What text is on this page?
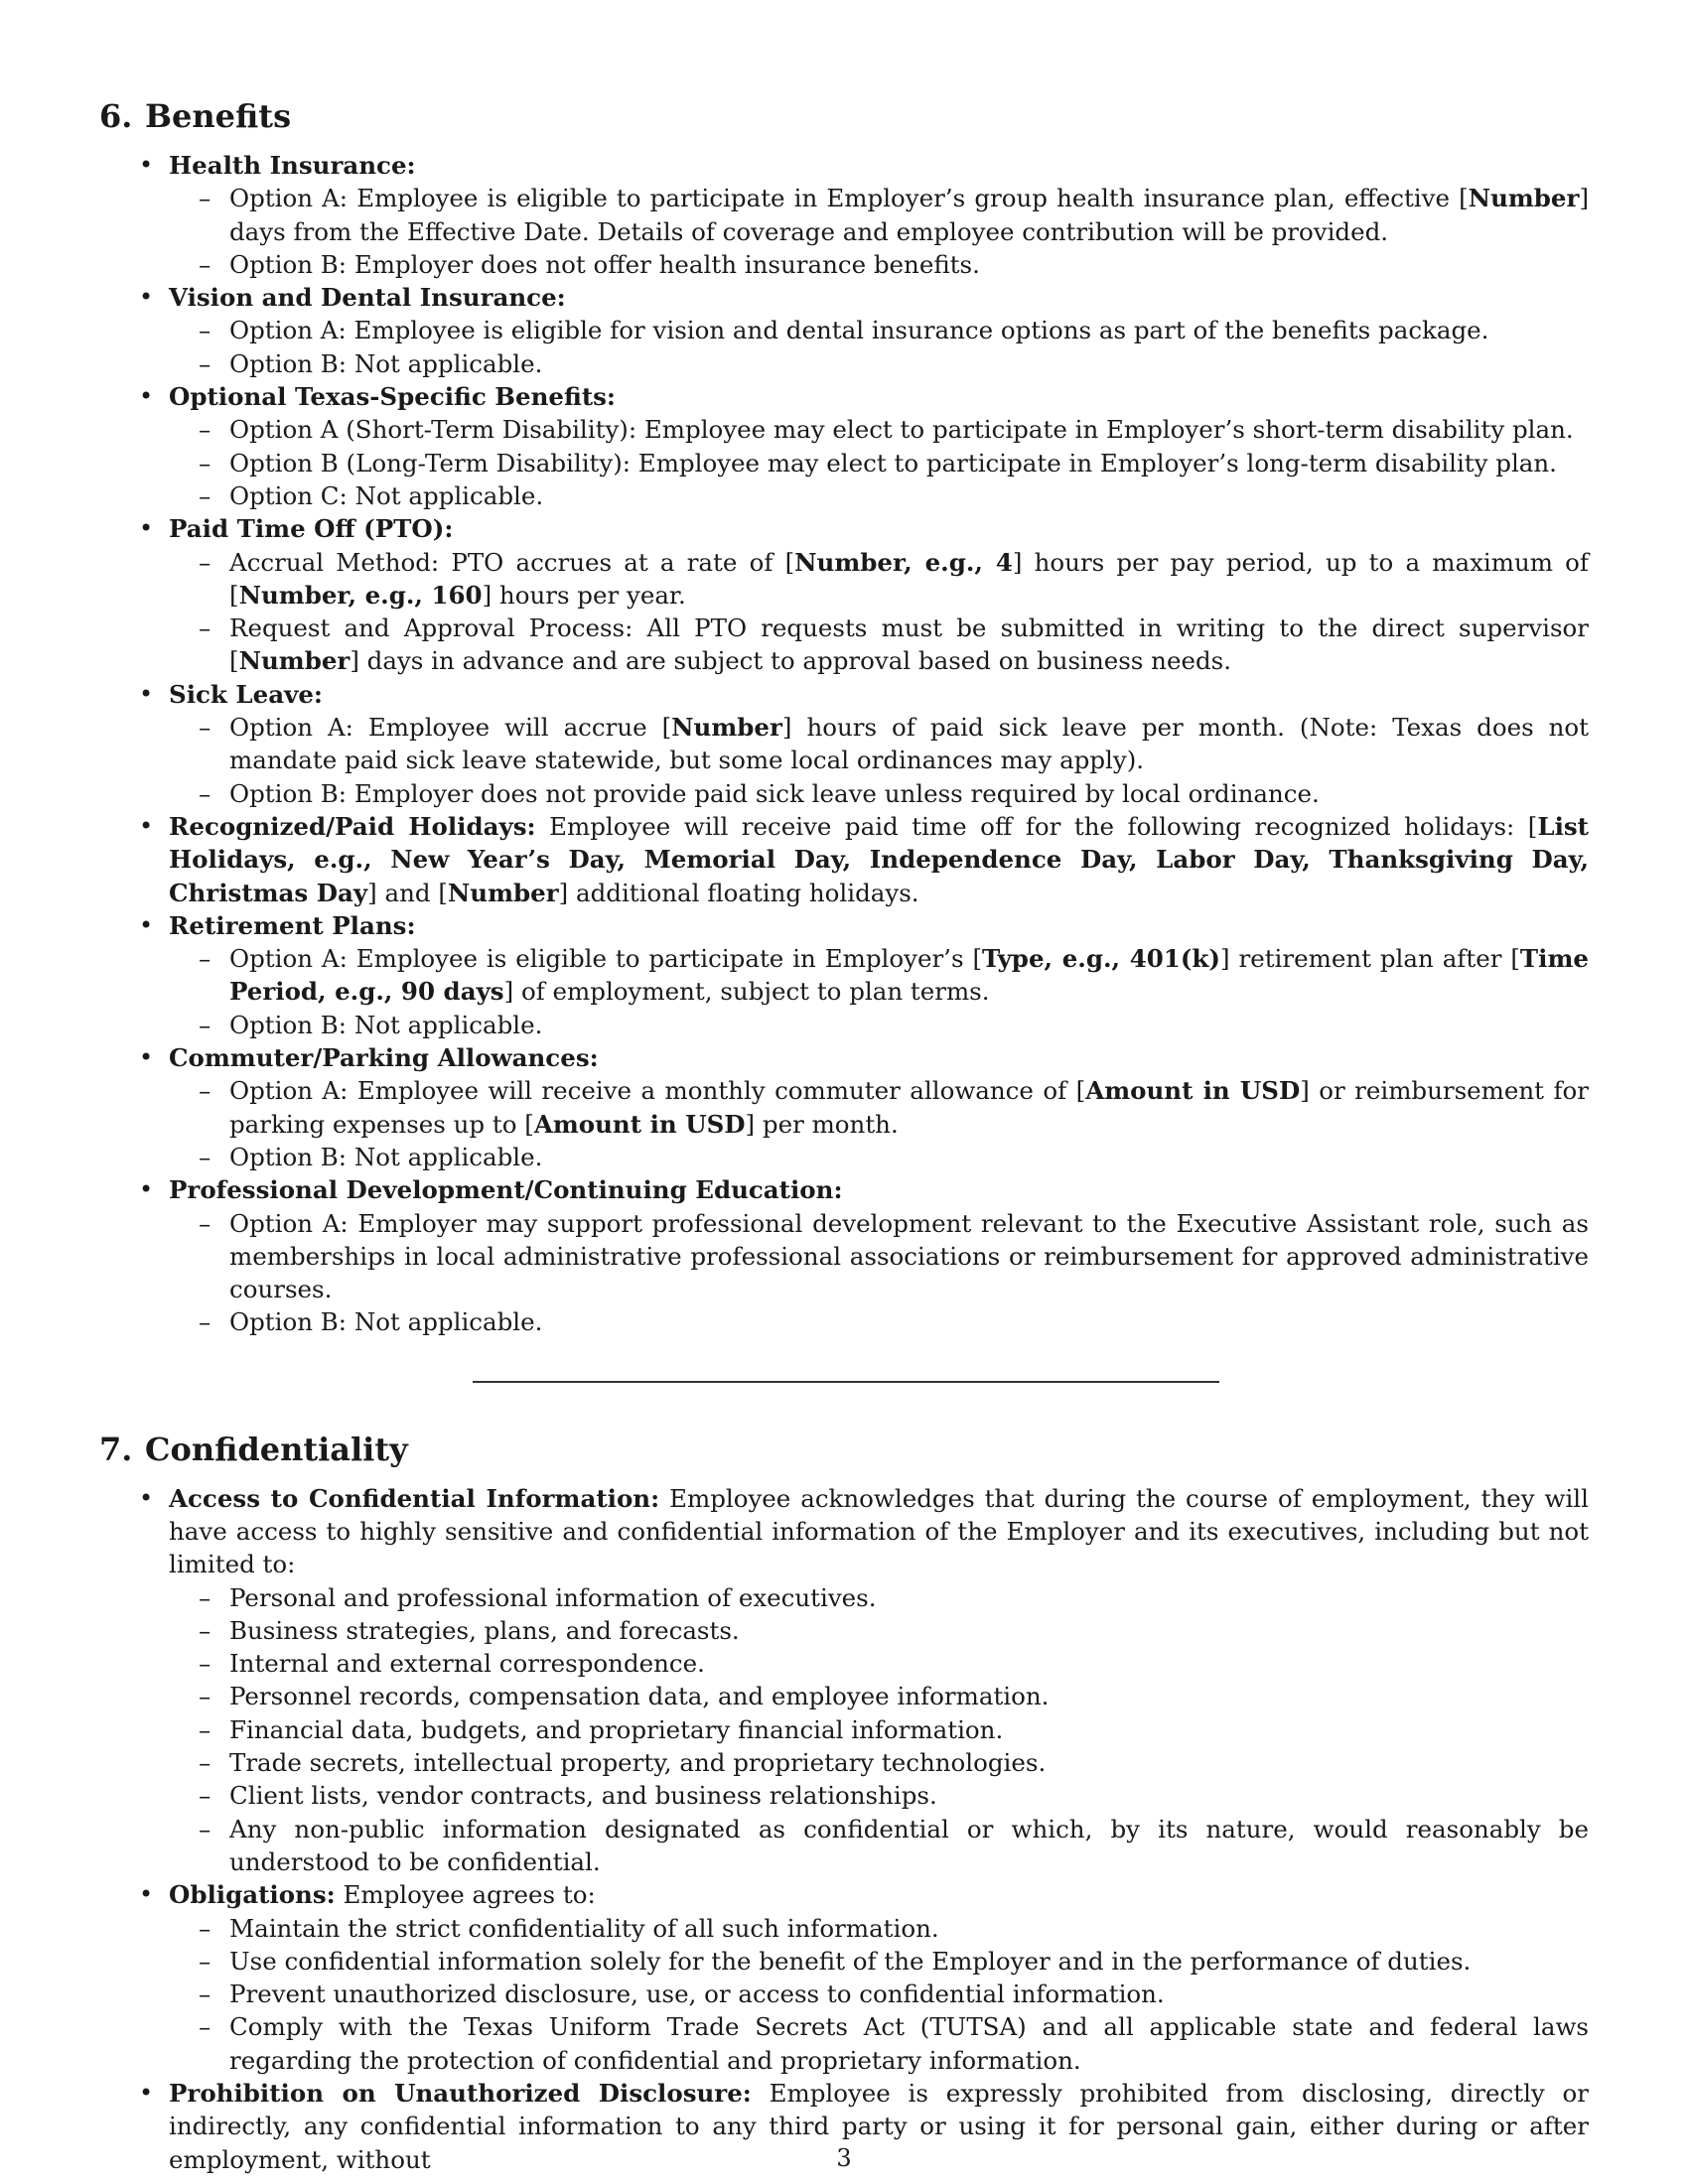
6. Benefits
• Health Insurance:
– Option A: Employee is eligible to participate in Employer’s group health insurance plan, effective [Number] days from the Effective Date. Details of coverage and employee contribution will be provided.
– Option B: Employer does not offer health insurance benefits.
• Vision and Dental Insurance:
– Option A: Employee is eligible for vision and dental insurance options as part of the benefits package.
– Option B: Not applicable.
• Optional Texas-Specific Benefits:
– Option A (Short-Term Disability): Employee may elect to participate in Employer’s short-term disability plan.
– Option B (Long-Term Disability): Employee may elect to participate in Employer’s long-term disability plan.
– Option C: Not applicable.
• Paid Time Off (PTO):
– Accrual Method: PTO accrues at a rate of [Number, e.g., 4] hours per pay period, up to a maximum of [Number, e.g., 160] hours per year.
– Request and Approval Process: All PTO requests must be submitted in writing to the direct supervisor [Number] days in advance and are subject to approval based on business needs.
• Sick Leave:
– Option A: Employee will accrue [Number] hours of paid sick leave per month. (Note: Texas does not mandate paid sick leave statewide, but some local ordinances may apply).
– Option B: Employer does not provide paid sick leave unless required by local ordinance.
• Recognized/Paid Holidays: Employee will receive paid time off for the following recognized holidays: [List Holidays, e.g., New Year’s Day, Memorial Day, Independence Day, Labor Day, Thanksgiving Day, Christmas Day] and [Number] additional floating holidays.
• Retirement Plans:
– Option A: Employee is eligible to participate in Employer’s [Type, e.g., 401(k)] retirement plan after [Time Period, e.g., 90 days] of employment, subject to plan terms.
– Option B: Not applicable.
• Commuter/Parking Allowances:
– Option A: Employee will receive a monthly commuter allowance of [Amount in USD] or reimbursement for parking expenses up to [Amount in USD] per month.
– Option B: Not applicable.
• Professional Development/Continuing Education:
– Option A: Employer may support professional development relevant to the Executive Assistant role, such as memberships in local administrative professional associations or reimbursement for approved administrative courses.
– Option B: Not applicable.
7. Confidentiality
• Access to Confidential Information: Employee acknowledges that during the course of employment, they will have access to highly sensitive and confidential information of the Employer and its executives, including but not limited to:
– Personal and professional information of executives.
– Business strategies, plans, and forecasts.
– Internal and external correspondence.
– Personnel records, compensation data, and employee information.
– Financial data, budgets, and proprietary financial information.
– Trade secrets, intellectual property, and proprietary technologies.
– Client lists, vendor contracts, and business relationships.
– Any non-public information designated as confidential or which, by its nature, would reasonably be understood to be confidential.
• Obligations: Employee agrees to:
– Maintain the strict confidentiality of all such information.
– Use confidential information solely for the benefit of the Employer and in the performance of duties.
– Prevent unauthorized disclosure, use, or access to confidential information.
– Comply with the Texas Uniform Trade Secrets Act (TUTSA) and all applicable state and federal laws regarding the protection of confidential and proprietary information.
• Prohibition on Unauthorized Disclosure: Employee is expressly prohibited from disclosing, directly or indirectly, any confidential information to any third party or using it for personal gain, either during or after employment, without	3
